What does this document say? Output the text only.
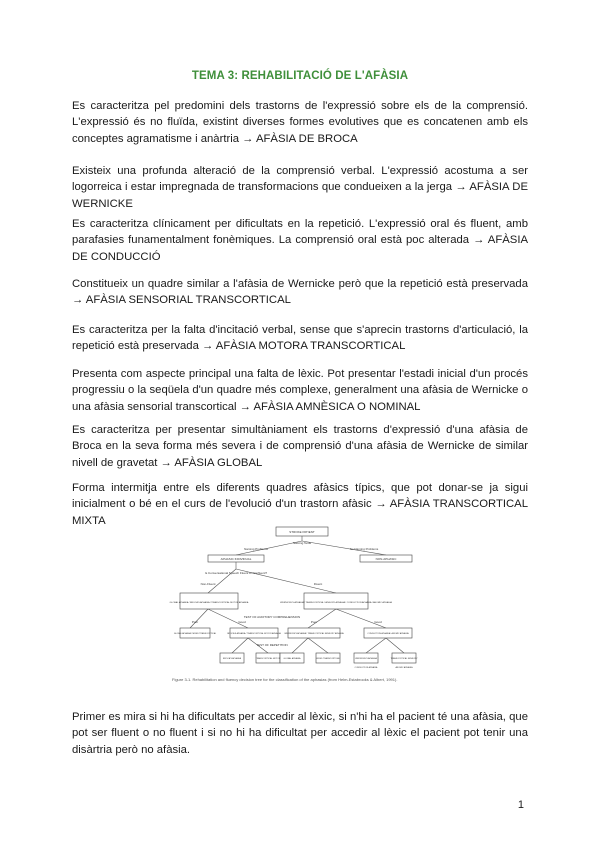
TEMA 3: REHABILITACIÓ DE L'AFÀSIA

Es caracteritza pel predomini dels trastorns de l'expressió sobre els de la comprensió. L'expressió és no fluïda, existint diverses formes evolutives que es concatenen amb els conceptes agramatisme i anàrtria → AFÀSIA DE BROCA

Existeix una profunda alteració de la comprensió verbal. L'expressió acostuma a ser logorreica i estar impregnada de transformacions que condueixen a la jerga → AFÀSIA DE WERNICKE

Es caracteritza clínicament per dificultats en la repetició. L'expressió oral és fluent, amb parafasies funamentalment fonèmiques. La comprensió oral està poc alterada → AFÀSIA DE CONDUCCIÓ

Constitueix un quadre similar a l'afàsia de Wernicke però que la repetició està preservada → AFÀSIA SENSORIAL TRANSCORTICAL

Es caracteritza per la falta d'incitació verbal, sense que s'aprecin trastorns d'articulació, la repetició està preservada → AFÀSIA MOTORA TRANSCORTICAL

Presenta com aspecte principal una falta de lèxic. Pot presentar l'estadi inicial d'un procés progressiu o la seqüela d'un quadre més complexe, generalment una afàsia de Wernicke o una afàsia sensorial transcortical → AFÀSIA AMNÈSICA O NOMINAL

Es caracteritza per presentar simultàniament els trastorns d'expressió d'una afàsia de Broca en la seva forma més severa i de comprensió d'una afàsia de Wernicke de similar nivell de gravetat → AFÀSIA GLOBAL

Forma intermitja entre els diferents quadres afàsics típics, que pot donar-se ja sigui inicialment o bé en el curs de l'evolució d'un trastorn afàsic → AFÀSIA TRANSCORTICAL MIXTA

STROKE PATIENT
Naming Tests
Naming Problems	No Naming Problems
APHASIC INDIVIDUAL	NON-APHASIC
Is Conversational Speech Fluent or Nonfluent?
Non-Fluent	Fluent
GLOBAL APHASIA / BROCA'S APHASIA / TRANSCORTICAL MOTOR APHASIA	WERNICKE'S APHASIA / TRANSCORTICAL SENSORY APHASIA / CONDUCTION APHASIA / ANOMIC APHASIA
TEST OF AUDITORY COMPREHENSION
Poor	Good	Poor	Good
GLOBAL APHASIA / MIXED TRANSCORTICAL	BROCA'S APHASIA / TRANSCORTICAL MOTOR APHASIA	WERNICKE'S APHASIA / TRANSCORTICAL SENSORY APHASIA	CONDUCTION APHASIA / ANOMIC APHASIA
TEST OF REPETITION
BROCA'S APHASIA	TRANSCORTICAL MOTOR GLOBAL APHASIA	MIXED TRANSCORTICAL	WERNICKE'S APHASIA	TRANSCORTICAL SENSORY
CONDUCTION APHASIA	ANOMIC APHASIA
Figure 3-1. Rehabilitation and fluency decision tree for the classification of the aphasias (from Helm-Estabrooks & Albert, 1991).

Primer es mira si hi ha dificultats per accedir al lèxic, si n'hi ha el pacient té una afàsia, que pot ser fluent o no fluent i si no hi ha dificultat per accedir al lèxic el pacient pot tenir una disàrtria però no afàsia.

1
